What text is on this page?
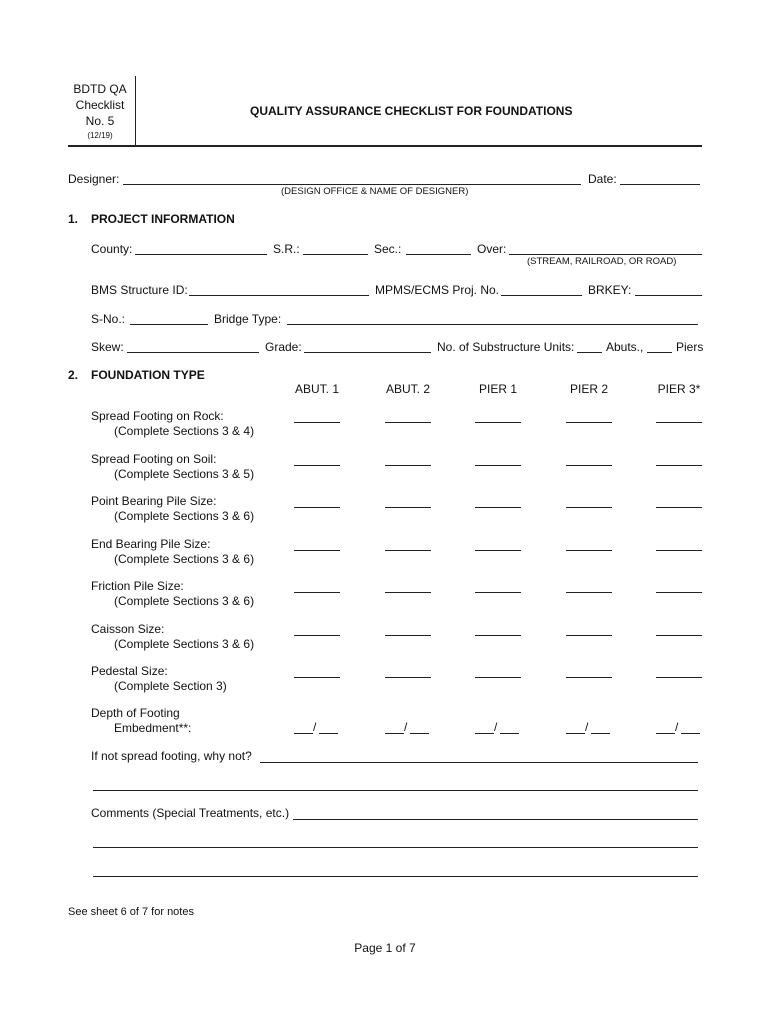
BDTD QA
Checklist
No. 5
(12/19)
QUALITY ASSURANCE CHECKLIST FOR FOUNDATIONS
Designer:	Date:
(DESIGN OFFICE & NAME OF DESIGNER)
1. PROJECT INFORMATION
County:	S.R.:	Sec.:	Over:
(STREAM, RAILROAD, OR ROAD)
BMS Structure ID:	MPMS/ECMS Proj. No.	BRKEY:
S-No.:	Bridge Type:
Skew:	Grade:	No. of Substructure Units:	Abuts.,	Piers
2. FOUNDATION TYPE
ABUT. 1	ABUT. 2	PIER 1	PIER 2	PIER 3*
Spread Footing on Rock:
(Complete Sections 3 & 4)
Spread Footing on Soil:
(Complete Sections 3 & 5)
Point Bearing Pile Size:
(Complete Sections 3 & 6)
End Bearing Pile Size:
(Complete Sections 3 & 6)
Friction Pile Size:
(Complete Sections 3 & 6)
Caisson Size:
(Complete Sections 3 & 6)
Pedestal Size:
(Complete Section 3)
Depth of Footing
Embedment**:	/	/	/	/	/
If not spread footing, why not?
Comments (Special Treatments, etc.)
See sheet 6 of 7 for notes
Page 1 of 7
